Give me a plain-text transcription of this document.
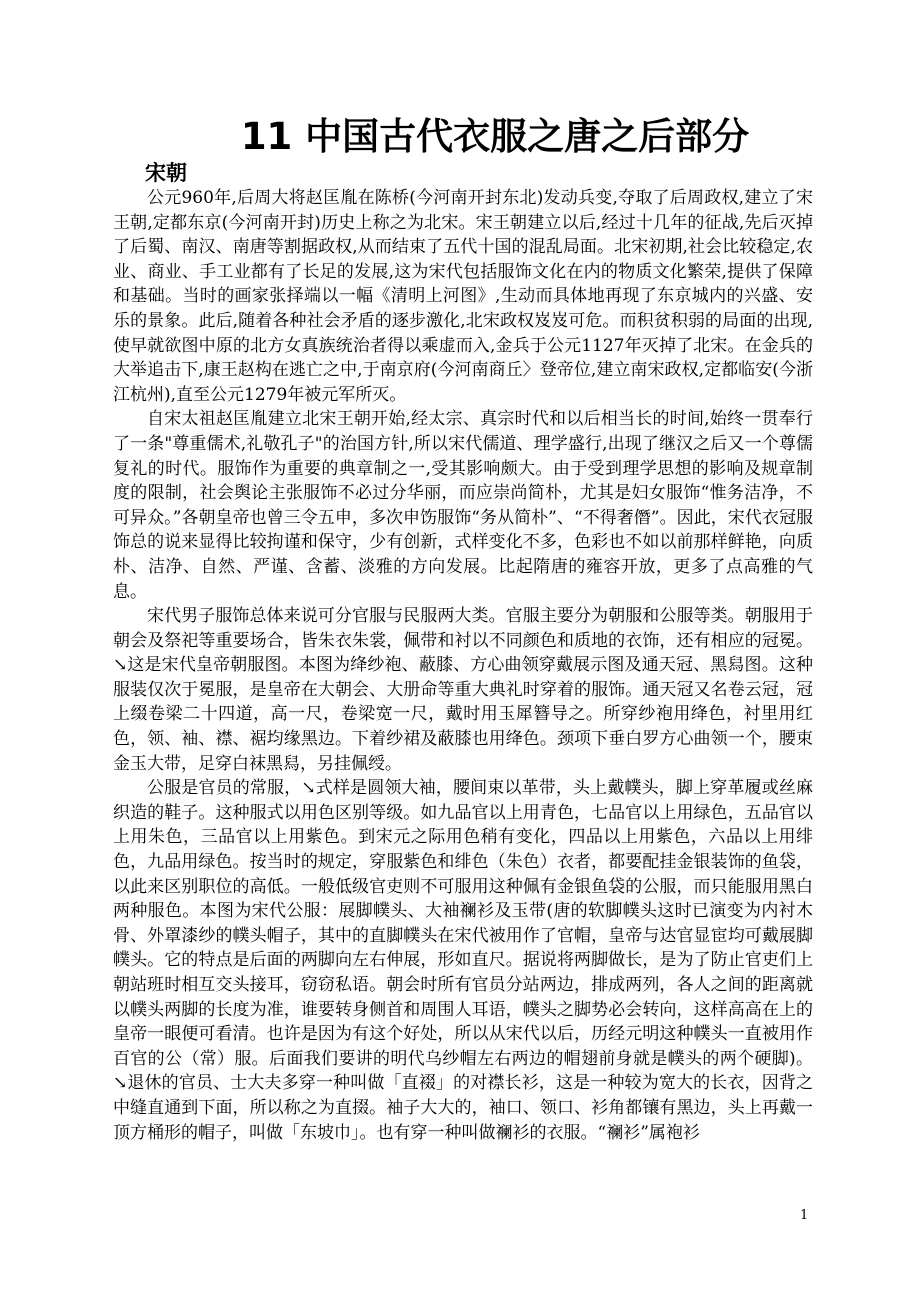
11 中国古代衣服之唐之后部分
宋朝

公元960年,后周大将赵匡胤在陈桥(今河南开封东北)发动兵变,夺取了后周政权,建立了宋王朝,定都东京(今河南开封)历史上称之为北宋。宋王朝建立以后,经过十几年的征战,先后灭掉了后蜀、南汉、南唐等割据政权,从而结束了五代十国的混乱局面。北宋初期,社会比较稳定,农业、商业、手工业都有了长足的发展,这为宋代包括服饰文化在内的物质文化繁荣,提供了保障和基础。当时的画家张择端以一幅《清明上河图》,生动而具体地再现了东京城内的兴盛、安乐的景象。此后,随着各种社会矛盾的逐步激化,北宋政权岌岌可危。而积贫积弱的局面的出现,使早就欲图中原的北方女真族统治者得以乘虚而入,金兵于公元1127年灭掉了北宋。在金兵的大举追击下,康王赵构在逃亡之中,于南京府(今河南商丘〉登帝位,建立南宋政权,定都临安(今浙江杭州),直至公元1279年被元军所灭。

自宋太祖赵匡胤建立北宋王朝开始,经太宗、真宗时代和以后相当长的时间,始终一贯奉行了一条"尊重儒术,礼敬孔子"的治国方针,所以宋代儒道、理学盛行,出现了继汉之后又一个尊儒复礼的时代。服饰作为重要的典章制之一,受其影响颇大。由于受到理学思想的影响及规章制度的限制，社会舆论主张服饰不必过分华丽，而应崇尚简朴，尤其是妇女服饰“惟务洁净，不可异众。”各朝皇帝也曾三令五申，多次申饬服饰“务从简朴”、“不得奢僭”。因此，宋代衣冠服饰总的说来显得比较拘谨和保守，少有创新，式样变化不多，色彩也不如以前那样鲜艳，向质朴、洁净、自然、严谨、含蓄、淡雅的方向发展。比起隋唐的雍容开放，更多了点高雅的气息。

宋代男子服饰总体来说可分官服与民服两大类。官服主要分为朝服和公服等类。朝服用于朝会及祭祀等重要场合，皆朱衣朱裳，佩带和衬以不同颜色和质地的衣饰，还有相应的冠冕。↘这是宋代皇帝朝服图。本图为绛纱袍、蔽膝、方心曲领穿戴展示图及通天冠、黑舄图。这种服装仅次于冕服，是皇帝在大朝会、大册命等重大典礼时穿着的服饰。通天冠又名卷云冠，冠上缀卷梁二十四道，高一尺，卷梁宽一尺，戴时用玉犀簪导之。所穿纱袍用绛色，衬里用红色，领、袖、襟、裾均缘黑边。下着纱裙及蔽膝也用绛色。颈项下垂白罗方心曲领一个，腰束金玉大带，足穿白袜黑舄，另挂佩绶。

公服是官员的常服，↘式样是圆领大袖，腰间束以革带，头上戴幞头，脚上穿革履或丝麻织造的鞋子。这种服式以用色区别等级。如九品官以上用青色，七品官以上用绿色，五品官以上用朱色，三品官以上用紫色。到宋元之际用色稍有变化，四品以上用紫色，六品以上用绯色，九品用绿色。按当时的规定，穿服紫色和绯色（朱色）衣者，都要配挂金银装饰的鱼袋，以此来区别职位的高低。一般低级官吏则不可服用这种佩有金银鱼袋的公服，而只能服用黑白两种服色。本图为宋代公服：展脚幞头、大袖襕衫及玉带(唐的软脚幞头这时已演变为内衬木骨、外罩漆纱的幞头帽子，其中的直脚幞头在宋代被用作了官帽，皇帝与达官显宦均可戴展脚幞头。它的特点是后面的两脚向左右伸展，形如直尺。据说将两脚做长，是为了防止官吏们上朝站班时相互交头接耳，窃窃私语。朝会时所有官员分站两边，排成两列，各人之间的距离就以幞头两脚的长度为准，谁要转身侧首和周围人耳语，幞头之脚势必会转向，这样高高在上的皇帝一眼便可看清。也许是因为有这个好处，所以从宋代以后，历经元明这种幞头一直被用作百官的公（常）服。后面我们要讲的明代乌纱帽左右两边的帽翅前身就是幞头的两个硬脚)。↘退休的官员、士大夫多穿一种叫做「直裰」的对襟长衫，这是一种较为宽大的长衣，因背之中缝直通到下面，所以称之为直掇。袖子大大的，袖口、领口、衫角都镶有黑边，头上再戴一顶方桶形的帽子，叫做「东坡巾」。也有穿一种叫做襕衫的衣服。“襕衫”属袍衫

1
